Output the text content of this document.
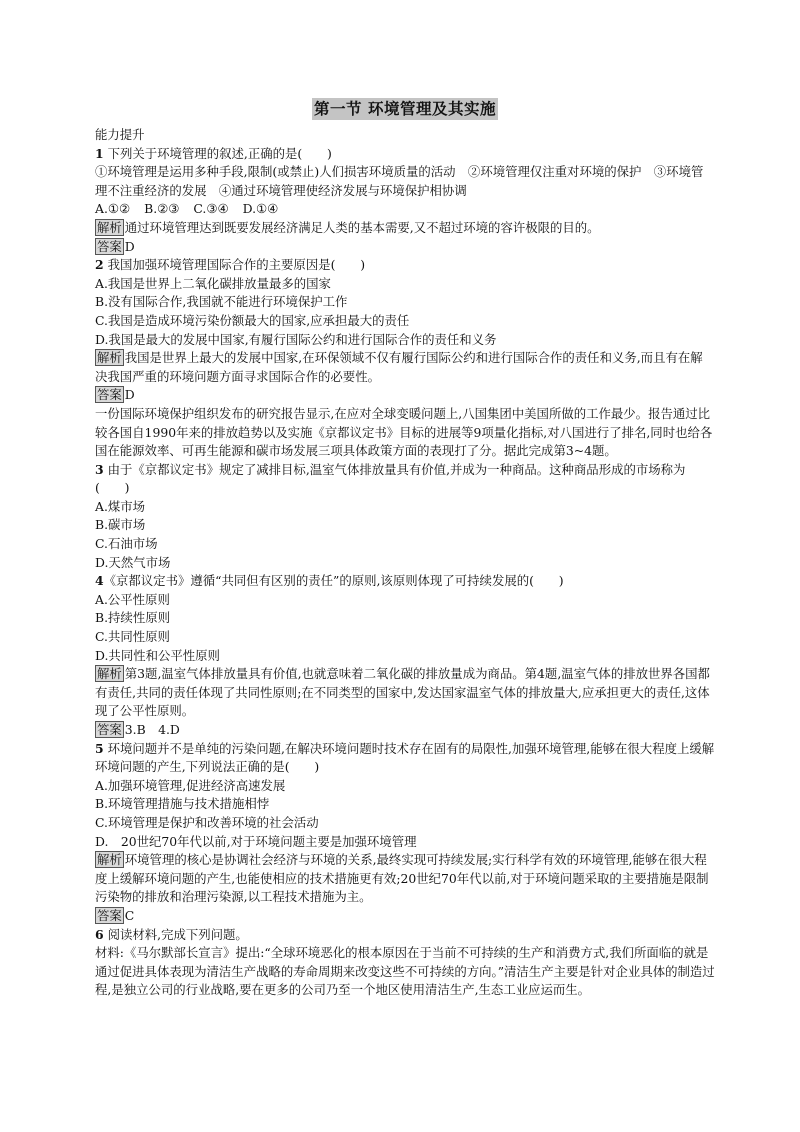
第一节 环境管理及其实施

能力提升

1 下列关于环境管理的叙述,正确的是(　　)

①环境管理是运用多种手段,限制(或禁止)人们损害环境质量的活动　②环境管理仅注重对环境的保护　③环境管理不注重经济的发展　④通过环境管理使经济发展与环境保护相协调

A.①② B.②③ C.③④ D.①④

解析 通过环境管理达到既要发展经济满足人类的基本需要,又不超过环境的容许极限的目的。

答案 D

2 我国加强环境管理国际合作的主要原因是(　　)

A.我国是世界上二氧化碳排放量最多的国家

B.没有国际合作,我国就不能进行环境保护工作

C.我国是造成环境污染份额最大的国家,应承担最大的责任

D.我国是最大的发展中国家,有履行国际公约和进行国际合作的责任和义务

解析 我国是世界上最大的发展中国家,在环保领域不仅有履行国际公约和进行国际合作的责任和义务,而且有在解决我国严重的环境问题方面寻求国际合作的必要性。

答案 D

一份国际环境保护组织发布的研究报告显示,在应对全球变暖问题上,八国集团中美国所做的工作最少。报告通过比较各国自1990年来的排放趋势以及实施《京都议定书》目标的进展等9项量化指标,对八国进行了排名,同时也给各国在能源效率、可再生能源和碳市场发展三项具体政策方面的表现打了分。据此完成第3~4题。

3 由于《京都议定书》规定了减排目标,温室气体排放量具有价值,并成为一种商品。这种商品形成的市场称为　　　　　(　　)

A.煤市场

B.碳市场

C.石油市场

D.天然气市场

4《京都议定书》遵循“共同但有区别的责任”的原则,该原则体现了可持续发展的(　　)

A.公平性原则

B.持续性原则

C.共同性原则

D.共同性和公平性原则

解析 第3题,温室气体排放量具有价值,也就意味着二氧化碳的排放量成为商品。第4题,温室气体的排放世界各国都有责任,共同的责任体现了共同性原则;在不同类型的国家中,发达国家温室气体的排放量大,应承担更大的责任,这体现了公平性原则。

答案 3.B　4.D

5 环境问题并不是单纯的污染问题,在解决环境问题时技术存在固有的局限性,加强环境管理,能够在很大程度上缓解环境问题的产生,下列说法正确的是(　　)

A.加强环境管理,促进经济高速发展

B.环境管理措施与技术措施相悖

C.环境管理是保护和改善环境的社会活动

D.　20世纪70年代以前,对于环境问题主要是加强环境管理

解析 环境管理的核心是协调社会经济与环境的关系,最终实现可持续发展;实行科学有效的环境管理,能够在很大程度上缓解环境问题的产生,也能使相应的技术措施更有效;20世纪70年代以前,对于环境问题采取的主要措施是限制污染物的排放和治理污染源,以工程技术措施为主。

答案 C

6 阅读材料,完成下列问题。

材料:《马尔默部长宣言》提出:“全球环境恶化的根本原因在于当前不可持续的生产和消费方式,我们所面临的就是通过促进具体表现为清洁生产战略的寿命周期来改变这些不可持续的方向。”清洁生产主要是针对企业具体的制造过程,是独立公司的行业战略,要在更多的公司乃至一个地区使用清洁生产,生态工业应运而生。
